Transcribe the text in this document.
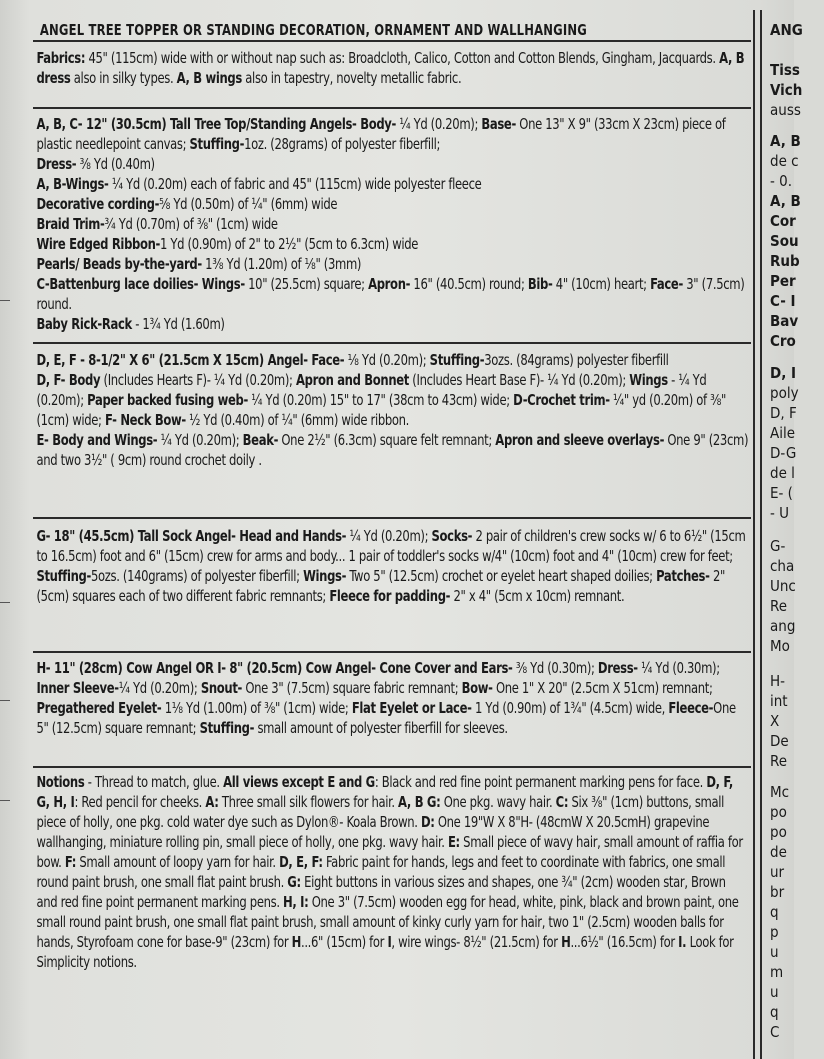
ANGEL TREE TOPPER OR STANDING DECORATION, ORNAMENT AND WALLHANGING

Fabrics: 45" (115cm) wide with or without nap such as: Broadcloth, Calico, Cotton and Cotton Blends, Gingham, Jacquards. A, B dress also in silky types. A, B wings also in tapestry, novelty metallic fabric.

A, B, C- 12" (30.5cm) Tall Tree Top/Standing Angels- Body- ¼ Yd (0.20m); Base- One 13" X 9" (33cm X 23cm) piece of plastic needlepoint canvas; Stuffing-1oz. (28grams) of polyester fiberfill;

Dress- ⅜ Yd (0.40m)

A, B-Wings- ¼ Yd (0.20m) each of fabric and 45" (115cm) wide polyester fleece

Decorative cording-⅝ Yd (0.50m) of ¼" (6mm) wide

Braid Trim-¾ Yd (0.70m) of ⅜" (1cm) wide

Wire Edged Ribbon-1 Yd (0.90m) of 2" to 2½" (5cm to 6.3cm) wide

Pearls/ Beads by-the-yard- 1⅜ Yd (1.20m) of ⅛" (3mm)

C-Battenburg lace doilies- Wings- 10" (25.5cm) square; Apron- 16" (40.5cm) round; Bib- 4" (10cm) heart; Face- 3" (7.5cm) round.

Baby Rick-Rack - 1¾ Yd (1.60m)

D, E, F - 8-1/2" X 6" (21.5cm X 15cm) Angel- Face- ⅛ Yd (0.20m); Stuffing-3ozs. (84grams) polyester fiberfill

D, F- Body (Includes Hearts F)- ¼ Yd (0.20m); Apron and Bonnet (Includes Heart Base F)- ¼ Yd (0.20m); Wings - ¼ Yd (0.20m); Paper backed fusing web- ¼ Yd (0.20m) 15" to 17" (38cm to 43cm) wide; D-Crochet trim- ¼" yd (0.20m) of ⅜" (1cm) wide; F- Neck Bow- ½ Yd (0.40m) of ¼" (6mm) wide ribbon.

E- Body and Wings- ¼ Yd (0.20m); Beak- One 2½" (6.3cm) square felt remnant; Apron and sleeve overlays- One 9" (23cm) and two 3½" ( 9cm) round crochet doily .

G- 18" (45.5cm) Tall Sock Angel- Head and Hands- ¼ Yd (0.20m); Socks- 2 pair of children's crew socks w/ 6 to 6½" (15cm to 16.5cm) foot and 6" (15cm) crew for arms and body... 1 pair of toddler's socks w/4" (10cm) foot and 4" (10cm) crew for feet; Stuffing-5ozs. (140grams) of polyester fiberfill; Wings- Two 5" (12.5cm) crochet or eyelet heart shaped doilies; Patches- 2" (5cm) squares each of two different fabric remnants; Fleece for padding- 2" x 4" (5cm x 10cm) remnant.

H- 11" (28cm) Cow Angel OR I- 8" (20.5cm) Cow Angel- Cone Cover and Ears- ⅜ Yd (0.30m); Dress- ¼ Yd (0.30m); Inner Sleeve-¼ Yd (0.20m); Snout- One 3" (7.5cm) square fabric remnant; Bow- One 1" X 20" (2.5cm X 51cm) remnant; Pregathered Eyelet- 1⅛ Yd (1.00m) of ⅜" (1cm) wide; Flat Eyelet or Lace- 1 Yd (0.90m) of 1¾" (4.5cm) wide, Fleece-One 5" (12.5cm) square remnant; Stuffing- small amount of polyester fiberfill for sleeves.

Notions - Thread to match, glue. All views except E and G: Black and red fine point permanent marking pens for face. D, F, G, H, I: Red pencil for cheeks. A: Three small silk flowers for hair. A, B G: One pkg. wavy hair. C: Six ⅜" (1cm) buttons, small piece of holly, one pkg. cold water dye such as Dylon®- Koala Brown. D: One 19"W X 8"H- (48cmW X 20.5cmH) grapevine wallhanging, miniature rolling pin, small piece of holly, one pkg. wavy hair. E: Small piece of wavy hair, small amount of raffia for bow. F: Small amount of loopy yarn for hair. D, E, F: Fabric paint for hands, legs and feet to coordinate with fabrics, one small round paint brush, one small flat paint brush. G: Eight buttons in various sizes and shapes, one ¾" (2cm) wooden star, Brown and red fine point permanent marking pens. H, I: One 3" (7.5cm) wooden egg for head, white, pink, black and brown paint, one small round paint brush, one small flat paint brush, small amount of kinky curly yarn for hair, two 1" (2.5cm) wooden balls for hands, Styrofoam cone for base-9" (23cm) for H...6" (15cm) for I, wire wings- 8½" (21.5cm) for H...6½" (16.5cm) for I. Look for Simplicity notions.

ANG
Tiss
Vich
auss
A, B
de c
- 0.
A, B
Cor
Sou
Rub
Per
C- I
Bav
Cro
D, I
poly
D, F
Aile
D-G
de l
E- (
- U
G-
cha
Unc
Re
ang
Mo
H-
int
X
De
Re
Mc
po
po
de
ur
br
q
p
u
m
u
q
C
